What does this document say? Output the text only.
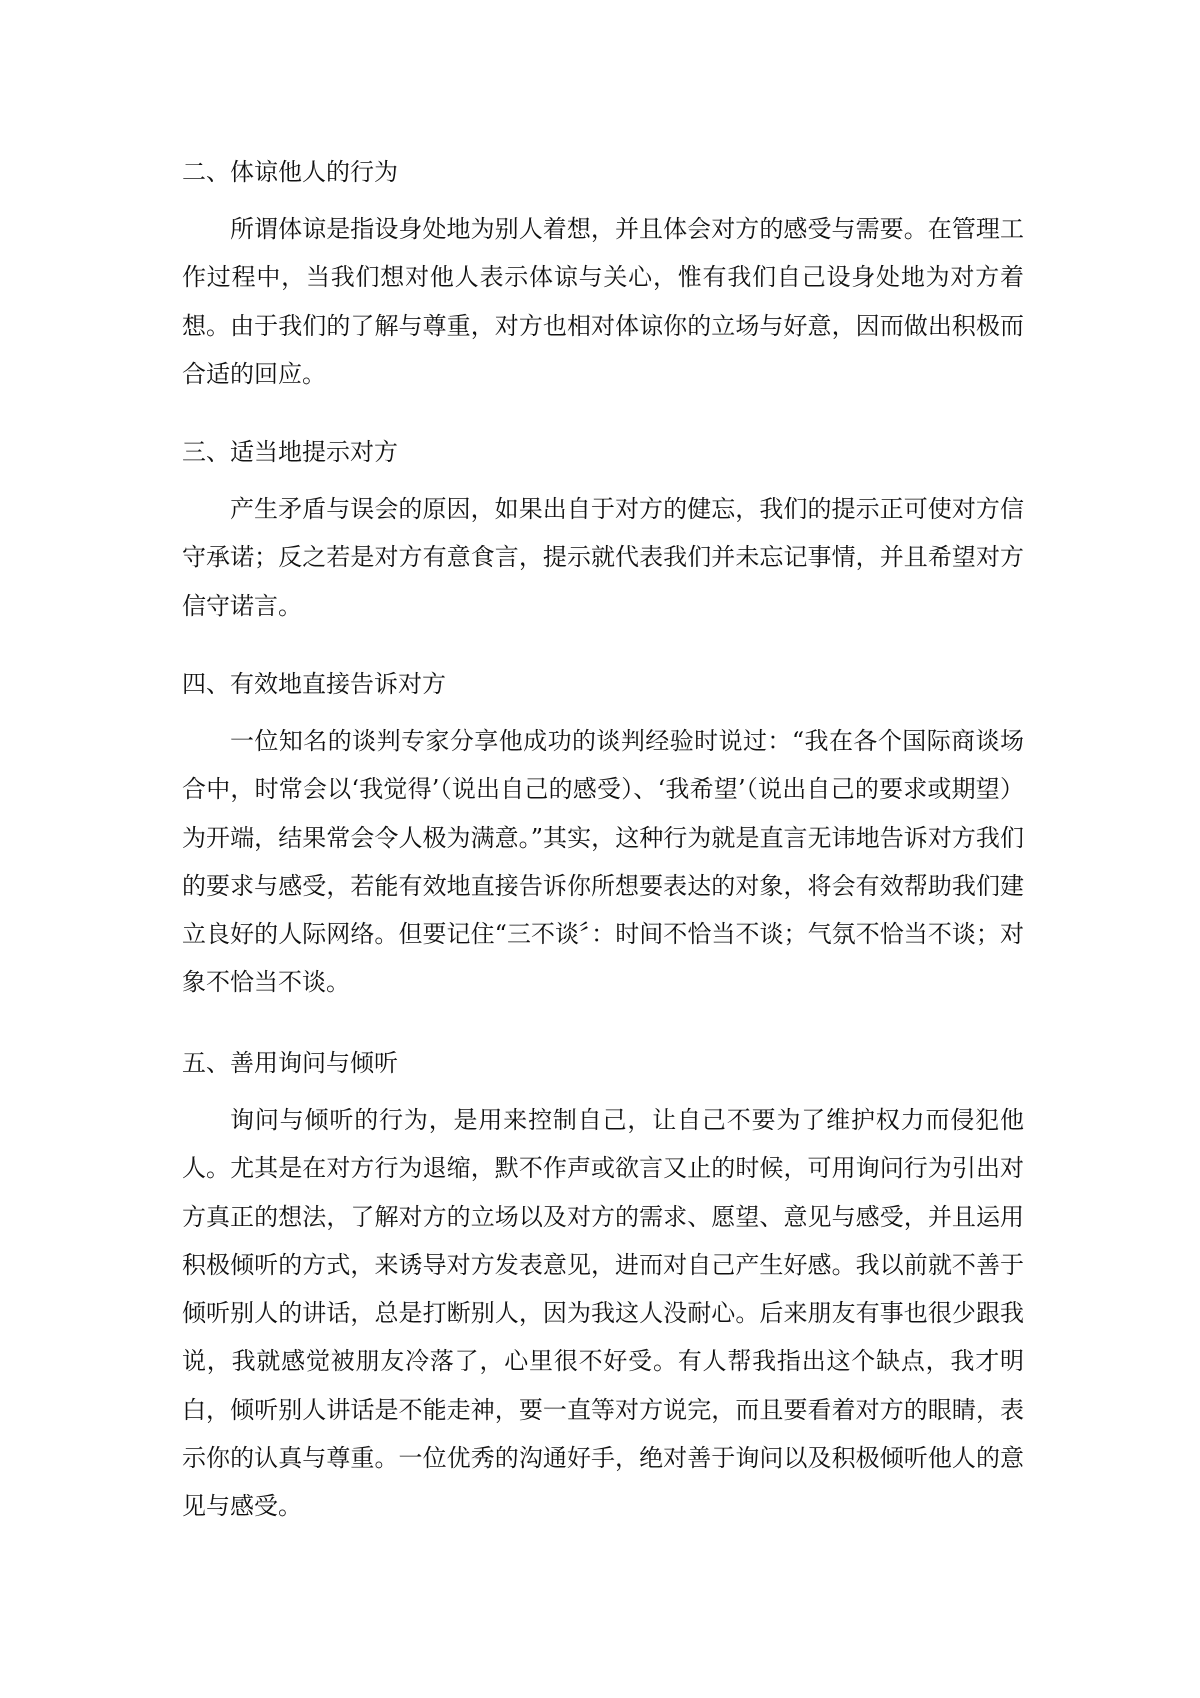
二、体谅他人的行为

所谓体谅是指设身处地为别人着想，并且体会对方的感受与需要。在管理工作过程中，当我们想对他人表示体谅与关心，惟有我们自己设身处地为对方着想。由于我们的了解与尊重，对方也相对体谅你的立场与好意，因而做出积极而合适的回应。

三、适当地提示对方

产生矛盾与误会的原因，如果出自于对方的健忘，我们的提示正可使对方信守承诺；反之若是对方有意食言，提示就代表我们并未忘记事情，并且希望对方信守诺言。

四、有效地直接告诉对方

一位知名的谈判专家分享他成功的谈判经验时说过：“我在各个国际商谈场合中，时常会以‘我觉得’（说出自己的感受）、‘我希望’（说出自己的要求或期望）为开端，结果常会令人极为满意。”其实，这种行为就是直言无讳地告诉对方我们的要求与感受，若能有效地直接告诉你所想要表达的对象，将会有效帮助我们建立良好的人际网络。但要记住“三不谈〞：时间不恰当不谈；气氛不恰当不谈；对象不恰当不谈。

五、善用询问与倾听

询问与倾听的行为，是用来控制自己，让自己不要为了维护权力而侵犯他人。尤其是在对方行为退缩，默不作声或欲言又止的时候，可用询问行为引出对方真正的想法，了解对方的立场以及对方的需求、愿望、意见与感受，并且运用积极倾听的方式，来诱导对方发表意见，进而对自己产生好感。我以前就不善于倾听别人的讲话，总是打断别人，因为我这人没耐心。后来朋友有事也很少跟我说，我就感觉被朋友冷落了，心里很不好受。有人帮我指出这个缺点，我才明白，倾听别人讲话是不能走神，要一直等对方说完，而且要看着对方的眼睛，表示你的认真与尊重。一位优秀的沟通好手，绝对善于询问以及积极倾听他人的意见与感受。
